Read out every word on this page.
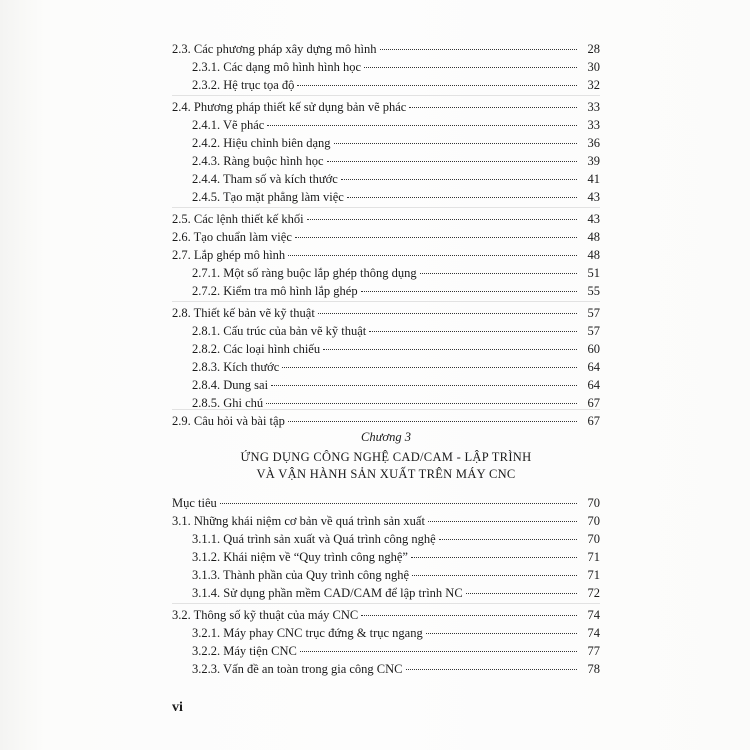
2.3. Các phương pháp xây dựng mô hình	28
2.3.1. Các dạng mô hình hình học	30
2.3.2. Hệ trục tọa độ	32
2.4. Phương pháp thiết kế sử dụng bản vẽ phác	33
2.4.1. Vẽ phác	33
2.4.2. Hiệu chỉnh biên dạng	36
2.4.3. Ràng buộc hình học	39
2.4.4. Tham số và kích thước	41
2.4.5. Tạo mặt phẳng làm việc	43
2.5. Các lệnh thiết kế khối	43
2.6. Tạo chuẩn làm việc	48
2.7. Lắp ghép mô hình	48
2.7.1. Một số ràng buộc lắp ghép thông dụng	51
2.7.2. Kiểm tra mô hình lắp ghép	55
2.8. Thiết kế bản vẽ kỹ thuật	57
2.8.1. Cấu trúc của bản vẽ kỹ thuật	57
2.8.2. Các loại hình chiếu	60
2.8.3. Kích thước	64
2.8.4. Dung sai	64
2.8.5. Ghi chú	67
2.9. Câu hỏi và bài tập	67
Chương 3
ỨNG DỤNG CÔNG NGHỆ CAD/CAM - LẬP TRÌNH
VÀ VẬN HÀNH SẢN XUẤT TRÊN MÁY CNC
Mục tiêu	70
3.1. Những khái niệm cơ bản về quá trình sản xuất	70
3.1.1. Quá trình sản xuất và Quá trình công nghệ	70
3.1.2. Khái niệm về “Quy trình công nghệ”	71
3.1.3. Thành phần của Quy trình công nghệ	71
3.1.4. Sử dụng phần mềm CAD/CAM để lập trình NC	72
3.2. Thông số kỹ thuật của máy CNC	74
3.2.1. Máy phay CNC trục đứng & trục ngang	74
3.2.2. Máy tiện CNC	77
3.2.3. Vấn đề an toàn trong gia công CNC	78
vi
